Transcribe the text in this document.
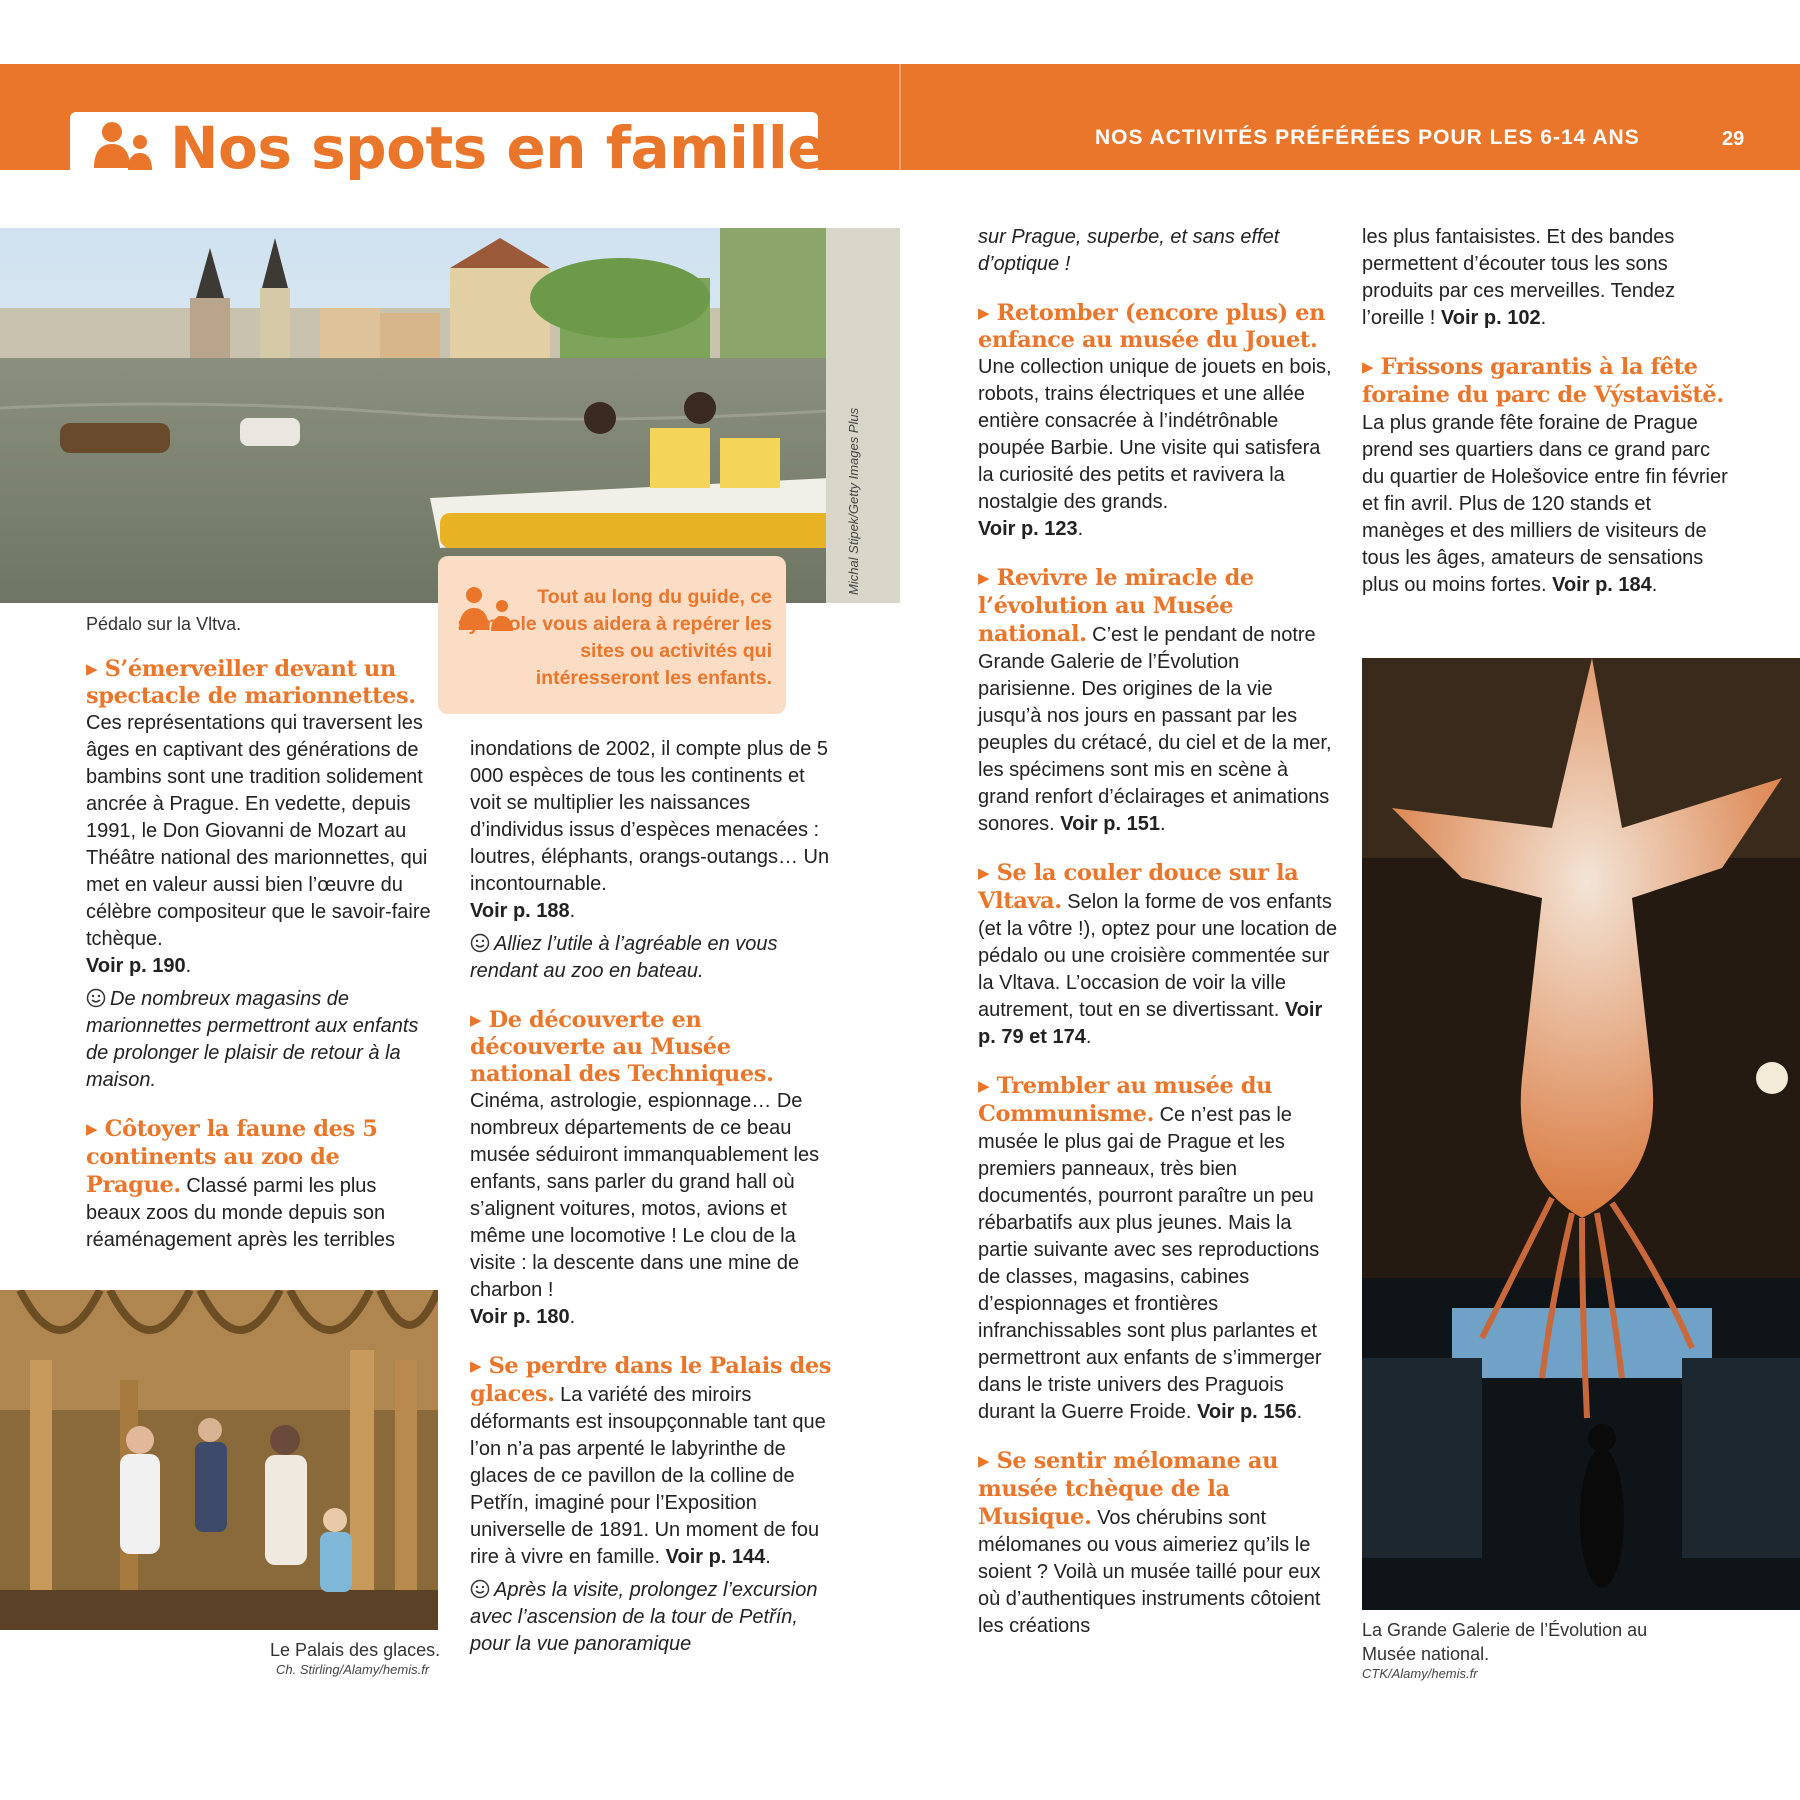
Nos spots en famille	NOS ACTIVITÉS PRÉFÉRÉES POUR LES 6-14 ANS	29
Michal Stipek/Getty Images Plus
Pédalo sur la Vltva.
Tout au long du guide, ce symbole vous aidera à repérer les sites ou activités qui intéresseront les enfants.
▶ S’émerveiller devant un spectacle de marionnettes.
Ces représentations qui traversent les âges en captivant des générations de bambins sont une tradition solidement ancrée à Prague. En vedette, depuis 1991, le Don Giovanni de Mozart au Théâtre national des marionnettes, qui met en valeur aussi bien l’œuvre du célèbre compositeur que le savoir-faire tchèque.
Voir p. 190.
De nombreux magasins de marionnettes permettront aux enfants de prolonger le plaisir de retour à la maison.
▶ Côtoyer la faune des 5 continents au zoo de Prague. Classé parmi les plus beaux zoos du monde depuis son réaménagement après les terribles
Le Palais des glaces.
Ch. Stirling/Alamy/hemis.fr
inondations de 2002, il compte plus de 5 000 espèces de tous les continents et voit se multiplier les naissances d’individus issus d’espèces menacées : loutres, éléphants, orangs-outangs… Un incontournable.
Voir p. 188.
Alliez l’utile à l’agréable en vous rendant au zoo en bateau.
▶ De découverte en découverte au Musée national des Techniques.
Cinéma, astrologie, espionnage… De nombreux départements de ce beau musée séduiront immanquablement les enfants, sans parler du grand hall où s’alignent voitures, motos, avions et même une locomotive ! Le clou de la visite : la descente dans une mine de charbon !
Voir p. 180.
▶ Se perdre dans le Palais des glaces. La variété des miroirs déformants est insoupçonnable tant que l’on n’a pas arpenté le labyrinthe de glaces de ce pavillon de la colline de Petřín, imaginé pour l’Exposition universelle de 1891. Un moment de fou rire à vivre en famille. Voir p. 144.
Après la visite, prolongez l’excursion avec l’ascension de la tour de Petřín, pour la vue panoramique
sur Prague, superbe, et sans effet d’optique !
▶ Retomber (encore plus) en enfance au musée du Jouet.
Une collection unique de jouets en bois, robots, trains électriques et une allée entière consacrée à l’indétrônable poupée Barbie. Une visite qui satisfera la curiosité des petits et ravivera la nostalgie des grands.
Voir p. 123.
▶ Revivre le miracle de l’évolution au Musée national. C’est le pendant de notre Grande Galerie de l’Évolution parisienne. Des origines de la vie jusqu’à nos jours en passant par les peuples du crétacé, du ciel et de la mer, les spécimens sont mis en scène à grand renfort d’éclairages et animations sonores. Voir p. 151.
▶ Se la couler douce sur la Vltava. Selon la forme de vos enfants (et la vôtre !), optez pour une location de pédalo ou une croisière commentée sur la Vltava. L’occasion de voir la ville autrement, tout en se divertissant. Voir p. 79 et 174.
▶ Trembler au musée du Communisme. Ce n’est pas le musée le plus gai de Prague et les premiers panneaux, très bien documentés, pourront paraître un peu rébarbatifs aux plus jeunes. Mais la partie suivante avec ses reproductions de classes, magasins, cabines d’espionnages et frontières infranchissables sont plus parlantes et permettront aux enfants de s’immerger dans le triste univers des Praguois durant la Guerre Froide. Voir p. 156.
▶ Se sentir mélomane au musée tchèque de la Musique. Vos chérubins sont mélomanes ou vous aimeriez qu’ils le soient ? Voilà un musée taillé pour eux où d’authentiques instruments côtoient les créations
les plus fantaisistes. Et des bandes permettent d’écouter tous les sons produits par ces merveilles. Tendez l’oreille ! Voir p. 102.
▶ Frissons garantis à la fête foraine du parc de Výstaviště. La plus grande fête foraine de Prague prend ses quartiers dans ce grand parc du quartier de Holešovice entre fin février et fin avril. Plus de 120 stands et manèges et des milliers de visiteurs de tous les âges, amateurs de sensations plus ou moins fortes. Voir p. 184.
La Grande Galerie de l’Évolution au Musée national.
CTK/Alamy/hemis.fr
